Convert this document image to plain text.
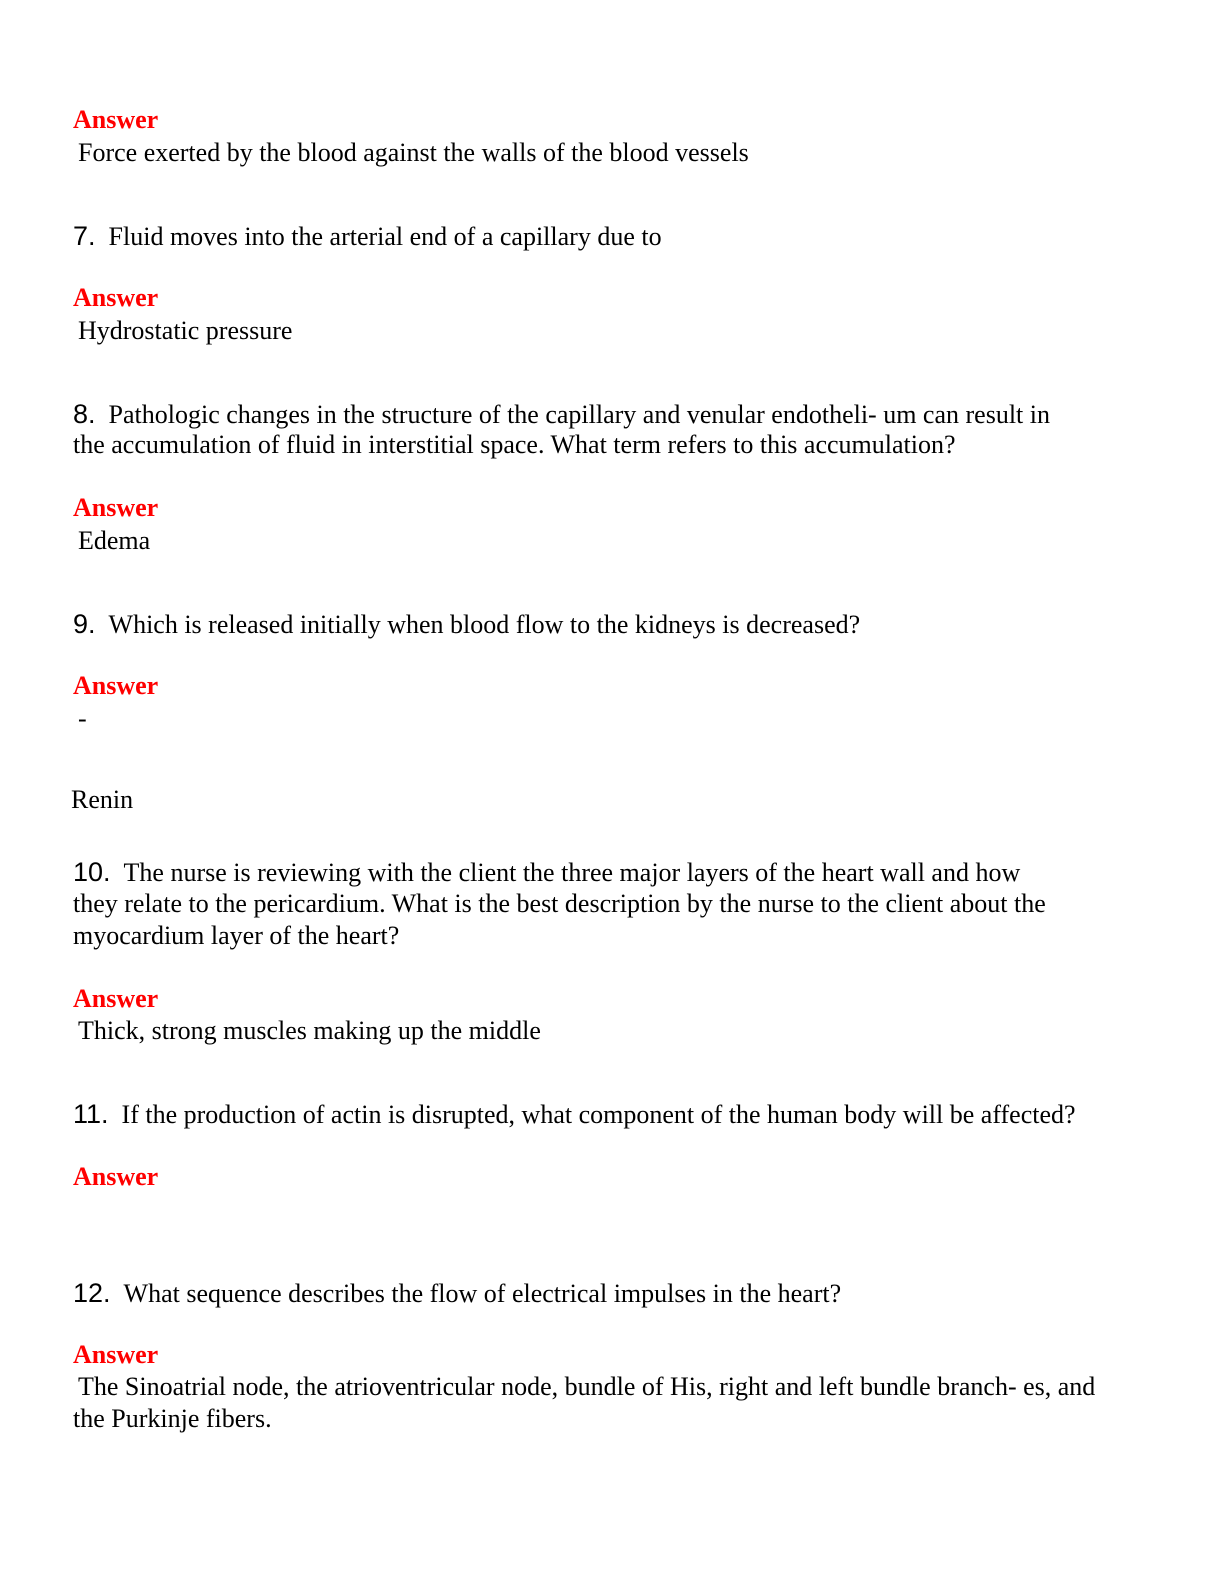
Answer
Force exerted by the blood against the walls of the blood vessels
7. Fluid moves into the arterial end of a capillary due to
Answer
Hydrostatic pressure
8. Pathologic changes in the structure of the capillary and venular endotheli- um can result in
the accumulation of fluid in interstitial space. What term refers to this accumulation?
Answer
Edema
9. Which is released initially when blood flow to the kidneys is decreased?
Answer
-
Renin
10. The nurse is reviewing with the client the three major layers of the heart wall and how
they relate to the pericardium. What is the best description by the nurse to the client about the
myocardium layer of the heart?
Answer
Thick, strong muscles making up the middle
11. If the production of actin is disrupted, what component of the human body will be affected?
Answer
12. What sequence describes the flow of electrical impulses in the heart?
Answer
The Sinoatrial node, the atrioventricular node, bundle of His, right and left bundle branch- es, and
the Purkinje fibers.
